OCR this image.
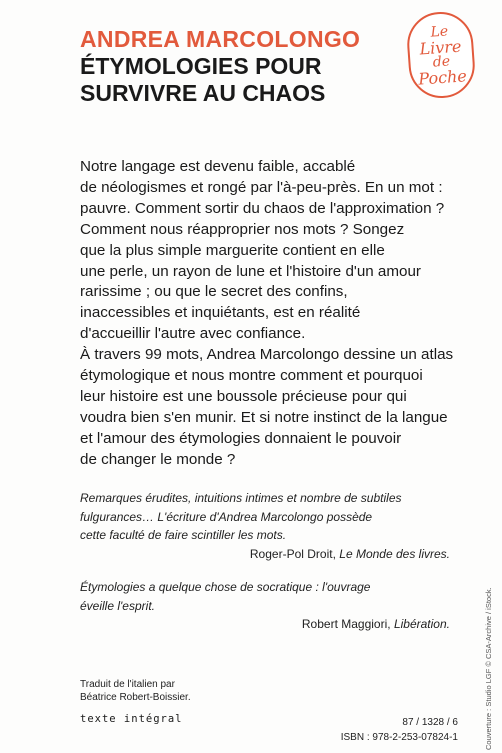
ANDREA MARCOLONGO

ÉTYMOLOGIES POUR
SURVIVRE AU CHAOS
Le
Livre
de
Poche
Notre langage est devenu faible, accablé
de néologismes et rongé par l'à-peu-près. En un mot :
pauvre. Comment sortir du chaos de l'approximation ?
Comment nous réapproprier nos mots ? Songez
que la plus simple marguerite contient en elle
une perle, un rayon de lune et l'histoire d'un amour
rarissime ; ou que le secret des confins,
inaccessibles et inquiétants, est en réalité
d'accueillir l'autre avec confiance.
À travers 99 mots, Andrea Marcolongo dessine un atlas
étymologique et nous montre comment et pourquoi
leur histoire est une boussole précieuse pour qui
voudra bien s'en munir. Et si notre instinct de la langue
et l'amour des étymologies donnaient le pouvoir
de changer le monde ?
Remarques érudites, intuitions intimes et nombre de subtiles
fulgurances… L'écriture d'Andrea Marcolongo possède
cette faculté de faire scintiller les mots.
Roger-Pol Droit, Le Monde des livres.
Étymologies a quelque chose de socratique : l'ouvrage
éveille l'esprit.
Robert Maggiori, Libération.
Traduit de l'italien par
Béatrice Robert-Boissier.
texte intégral	87 / 1328 / 6
ISBN : 978-2-253-07824-1	Couverture : Studio LGF © CSA-Archive / iStock.
